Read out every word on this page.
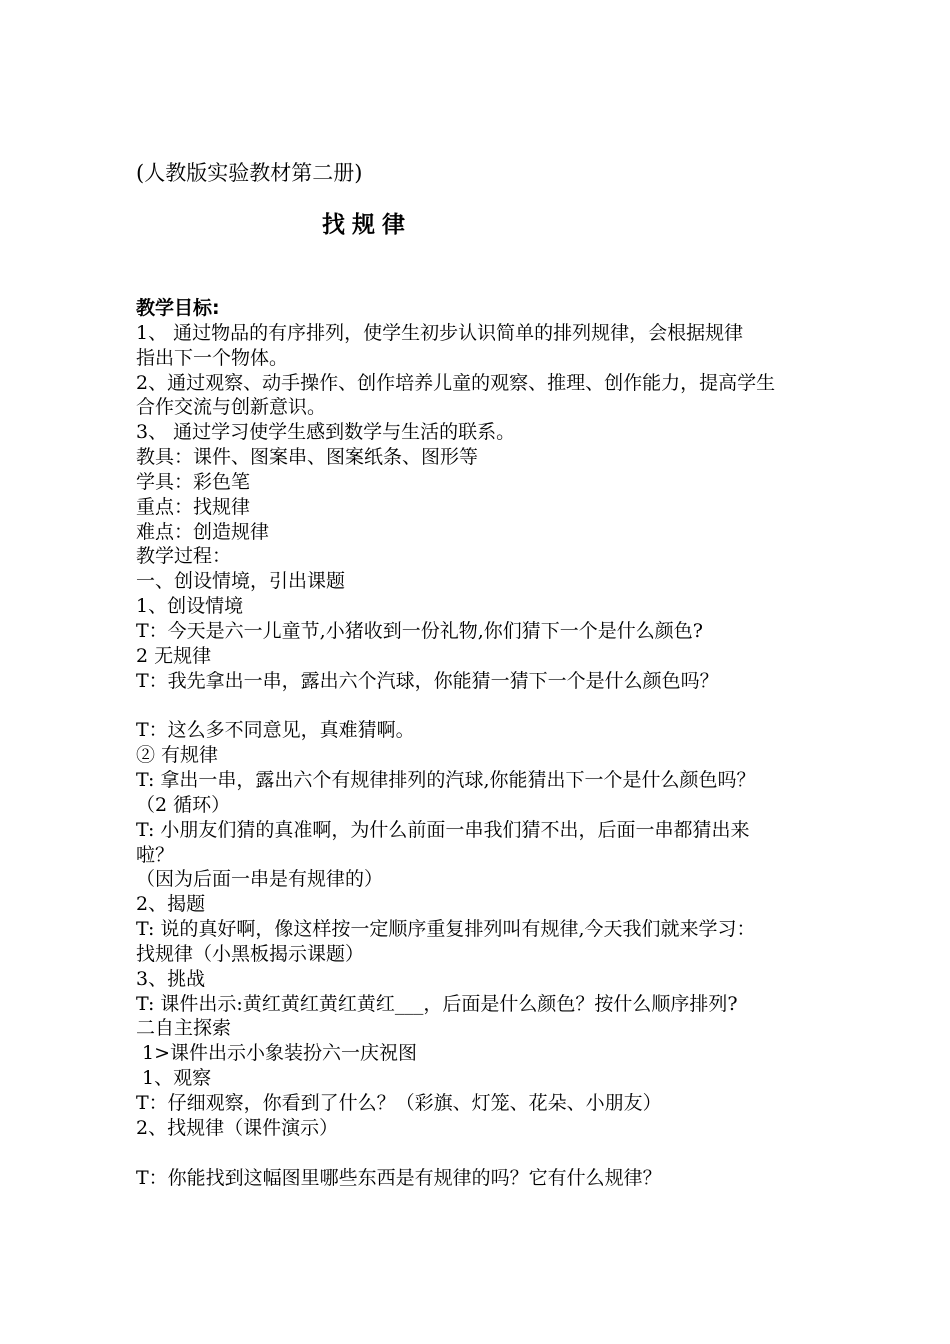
(人教版实验教材第二册)
找规律
教学目标:
1、 通过物品的有序排列，使学生初步认识简单的排列规律，会根据规律
指出下一个物体。
2、通过观察、动手操作、创作培养儿童的观察、推理、创作能力，提高学生
合作交流与创新意识。
3、 通过学习使学生感到数学与生活的联系。
教具：课件、图案串、图案纸条、图形等
学具：彩色笔
重点：找规律
难点：创造规律
教学过程：
一、创设情境，引出课题
1、创设情境
T：今天是六一儿童节,小猪收到一份礼物,你们猜下一个是什么颜色?
2 无规律
T：我先拿出一串，露出六个汽球，你能猜一猜下一个是什么颜色吗？
T：这么多不同意见，真难猜啊。
② 有规律
T: 拿出一串，露出六个有规律排列的汽球,你能猜出下一个是什么颜色吗？
（2 循环）
T: 小朋友们猜的真准啊，为什么前面一串我们猜不出，后面一串都猜出来
啦？
（因为后面一串是有规律的）
2、揭题
T: 说的真好啊，像这样按一定顺序重复排列叫有规律,今天我们就来学习：
找规律（小黑板揭示课题）
3、挑战
T: 课件出示:黄红黄红黄红黄红___，后面是什么颜色？按什么顺序排列?
二自主探索
1>课件出示小象装扮六一庆祝图
1、观察
T：仔细观察，你看到了什么？（彩旗、灯笼、花朵、小朋友）
2、找规律（课件演示）
T：你能找到这幅图里哪些东西是有规律的吗？它有什么规律？
